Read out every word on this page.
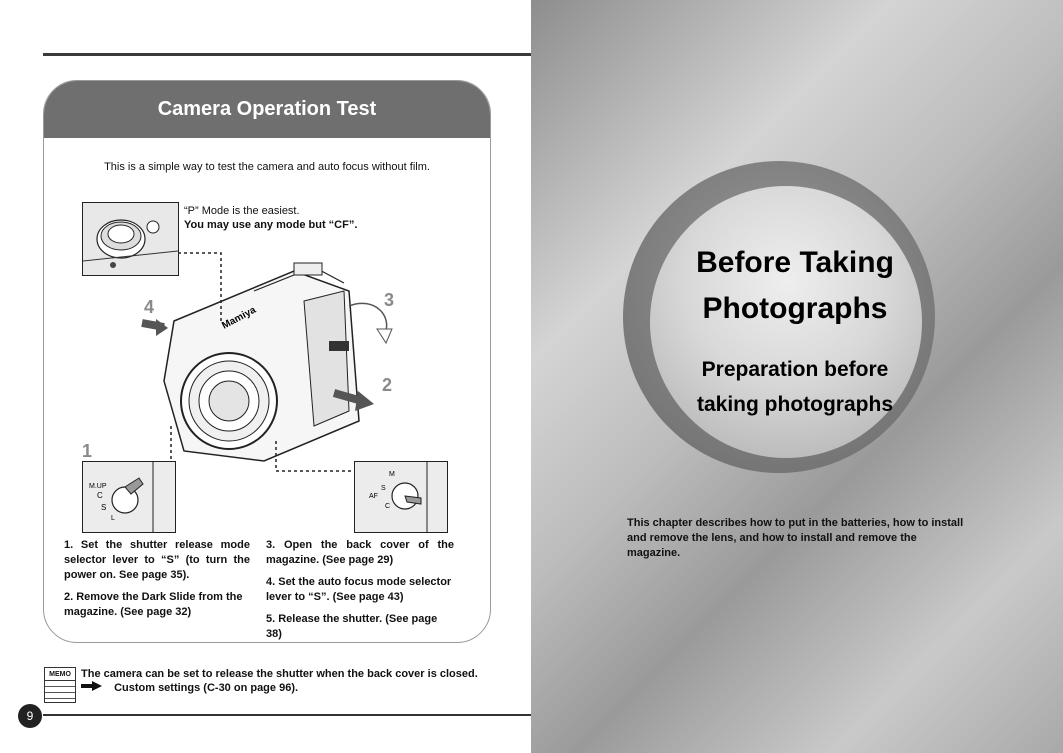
Camera Operation Test
This is a simple way to test the camera and auto focus without film.
“P” Mode is the easiest.
You may use any mode but “CF”.
Mamiya
4	3
2
1
M.UP
C
S
L
M
S
AF
C

1. Set the shutter release mode selector lever to “S” (to turn the power on. See page 35).

2. Remove the Dark Slide from the magazine. (See page 32)

3. Open the back cover of the magazine. (See page 29)

4. Set the auto focus mode selector lever to “S”. (See page 43)

5. Release the shutter. (See page 38)

MEMO The camera can be set to release the shutter when the back cover is closed.
Custom settings (C-30 on page 96).
9
Before Taking
Photographs
Preparation before
taking photographs
This chapter describes how to put in the batteries, how to install and remove the lens, and how to install and remove the magazine.
